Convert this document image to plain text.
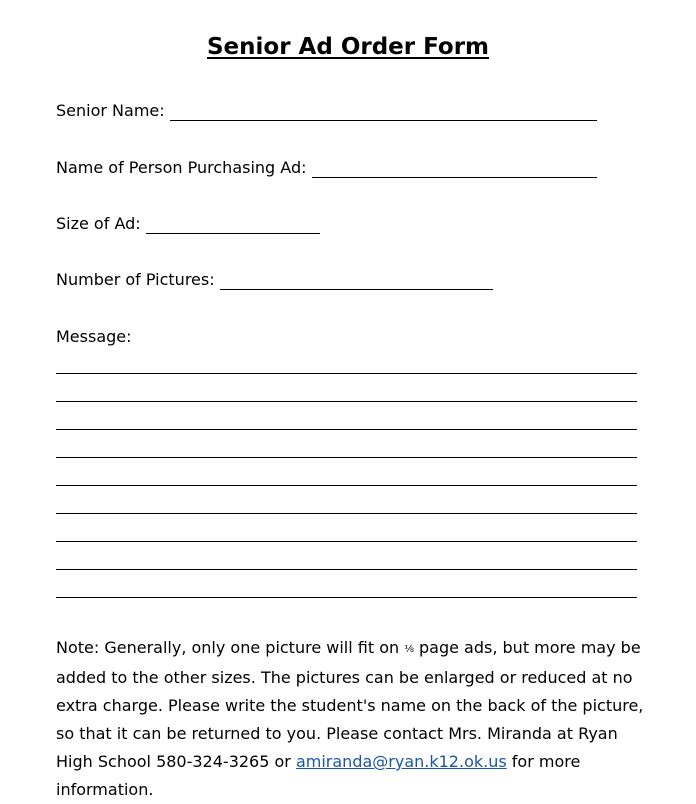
Senior Ad Order Form
Senior Name:
Name of Person Purchasing Ad:
Size of Ad:
Number of Pictures:
Message:
Note: Generally, only one picture will fit on ⅛ page ads, but more may be added to the other sizes. The pictures can be enlarged or reduced at no extra charge. Please write the student's name on the back of the picture, so that it can be returned to you. Please contact Mrs. Miranda at Ryan High School 580-324-3265 or amiranda@ryan.k12.ok.us for more information.
